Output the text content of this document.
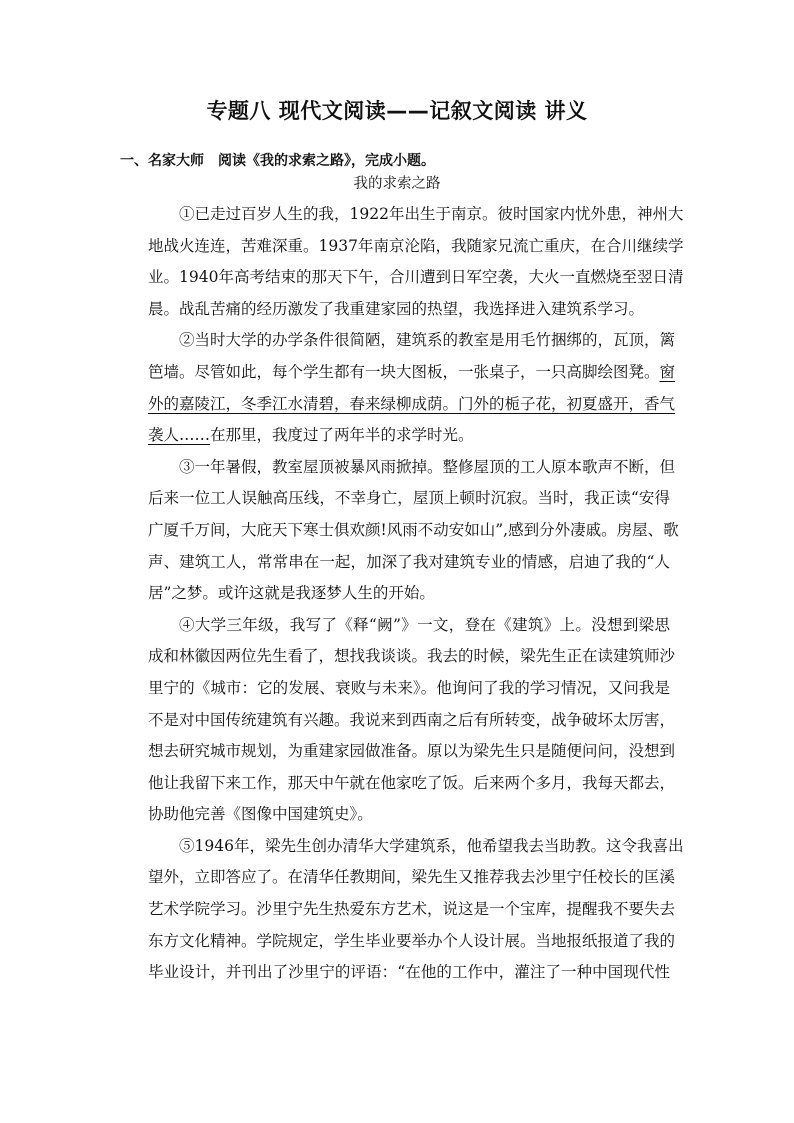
专题八 现代文阅读——记叙文阅读 讲义
一、名家大师 阅读《我的求索之路》，完成小题。
我的求索之路
①已走过百岁人生的我，1922年出生于南京。彼时国家内忧外患，神州大
地战火连连，苦难深重。1937年南京沦陷，我随家兄流亡重庆，在合川继续学
业。1940年高考结束的那天下午，合川遭到日军空袭，大火一直燃烧至翌日清
晨。战乱苦痛的经历激发了我重建家园的热望，我选择进入建筑系学习。
②当时大学的办学条件很简陋，建筑系的教室是用毛竹捆绑的，瓦顶，篱
笆墙。尽管如此，每个学生都有一块大图板，一张桌子，一只高脚绘图凳。窗
外的嘉陵江，冬季江水清碧，春来绿柳成荫。门外的栀子花，初夏盛开，香气
袭人……在那里，我度过了两年半的求学时光。
③一年暑假，教室屋顶被暴风雨掀掉。整修屋顶的工人原本歌声不断，但
后来一位工人误触高压线，不幸身亡，屋顶上顿时沉寂。当时，我正读“安得
广厦千万间，大庇天下寒士俱欢颜!风雨不动安如山”,感到分外凄戚。房屋、歌
声、建筑工人，常常串在一起，加深了我对建筑专业的情感，启迪了我的“人
居”之梦。或许这就是我逐梦人生的开始。
④大学三年级，我写了《释“阙”》一文，登在《建筑》上。没想到梁思
成和林徽因两位先生看了，想找我谈谈。我去的时候，梁先生正在读建筑师沙
里宁的《城市：它的发展、衰败与未来》。他询问了我的学习情况，又问我是
不是对中国传统建筑有兴趣。我说来到西南之后有所转变，战争破坏太厉害，
想去研究城市规划，为重建家园做准备。原以为梁先生只是随便问问，没想到
他让我留下来工作，那天中午就在他家吃了饭。后来两个多月，我每天都去，
协助他完善《图像中国建筑史》。
⑤1946年，梁先生创办清华大学建筑系，他希望我去当助教。这令我喜出
望外，立即答应了。在清华任教期间，梁先生又推荐我去沙里宁任校长的匡溪
艺术学院学习。沙里宁先生热爱东方艺术，说这是一个宝库，提醒我不要失去
东方文化精神。学院规定，学生毕业要举办个人设计展。当地报纸报道了我的
毕业设计，并刊出了沙里宁的评语：“在他的工作中，灌注了一种中国现代性
